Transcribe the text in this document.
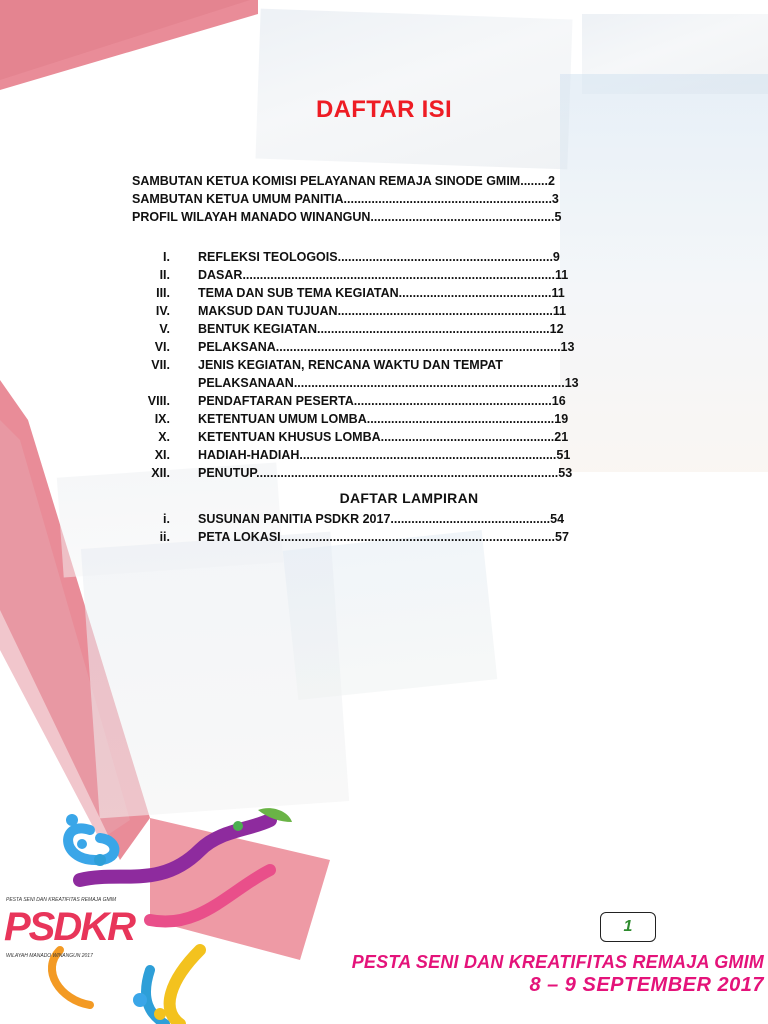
DAFTAR ISI
SAMBUTAN KETUA KOMISI PELAYANAN REMAJA SINODE GMIM........2
SAMBUTAN KETUA UMUM PANITIA............................................................3
PROFIL WILAYAH MANADO WINANGUN.....................................................5
I. REFLEKSI TEOLOGOIS..............................................................9
II. DASAR..........................................................................................11
III. TEMA DAN SUB TEMA KEGIATAN............................................11
IV. MAKSUD DAN TUJUAN..............................................................11
V. BENTUK KEGIATAN...................................................................12
VI. PELAKSANA..................................................................................13
VII. JENIS KEGIATAN, RENCANA WAKTU DAN TEMPAT
PELAKSANAAN..............................................................................13
VIII. PENDAFTARAN PESERTA.........................................................16
IX. KETENTUAN UMUM LOMBA......................................................19
X. KETENTUAN KHUSUS LOMBA..................................................21
XI. HADIAH-HADIAH..........................................................................51
XII. PENUTUP.......................................................................................53
DAFTAR LAMPIRAN
i. SUSUNAN PANITIA PSDKR 2017..............................................54
ii. PETA LOKASI...............................................................................57
PESTA SENI DAN KREATIFITAS REMAJA GMIM
PSDKR
WILAYAH MANADO WINANGUN 2017
1
PESTA SENI DAN KREATIFITAS REMAJA GMIM
8 – 9 SEPTEMBER 2017
